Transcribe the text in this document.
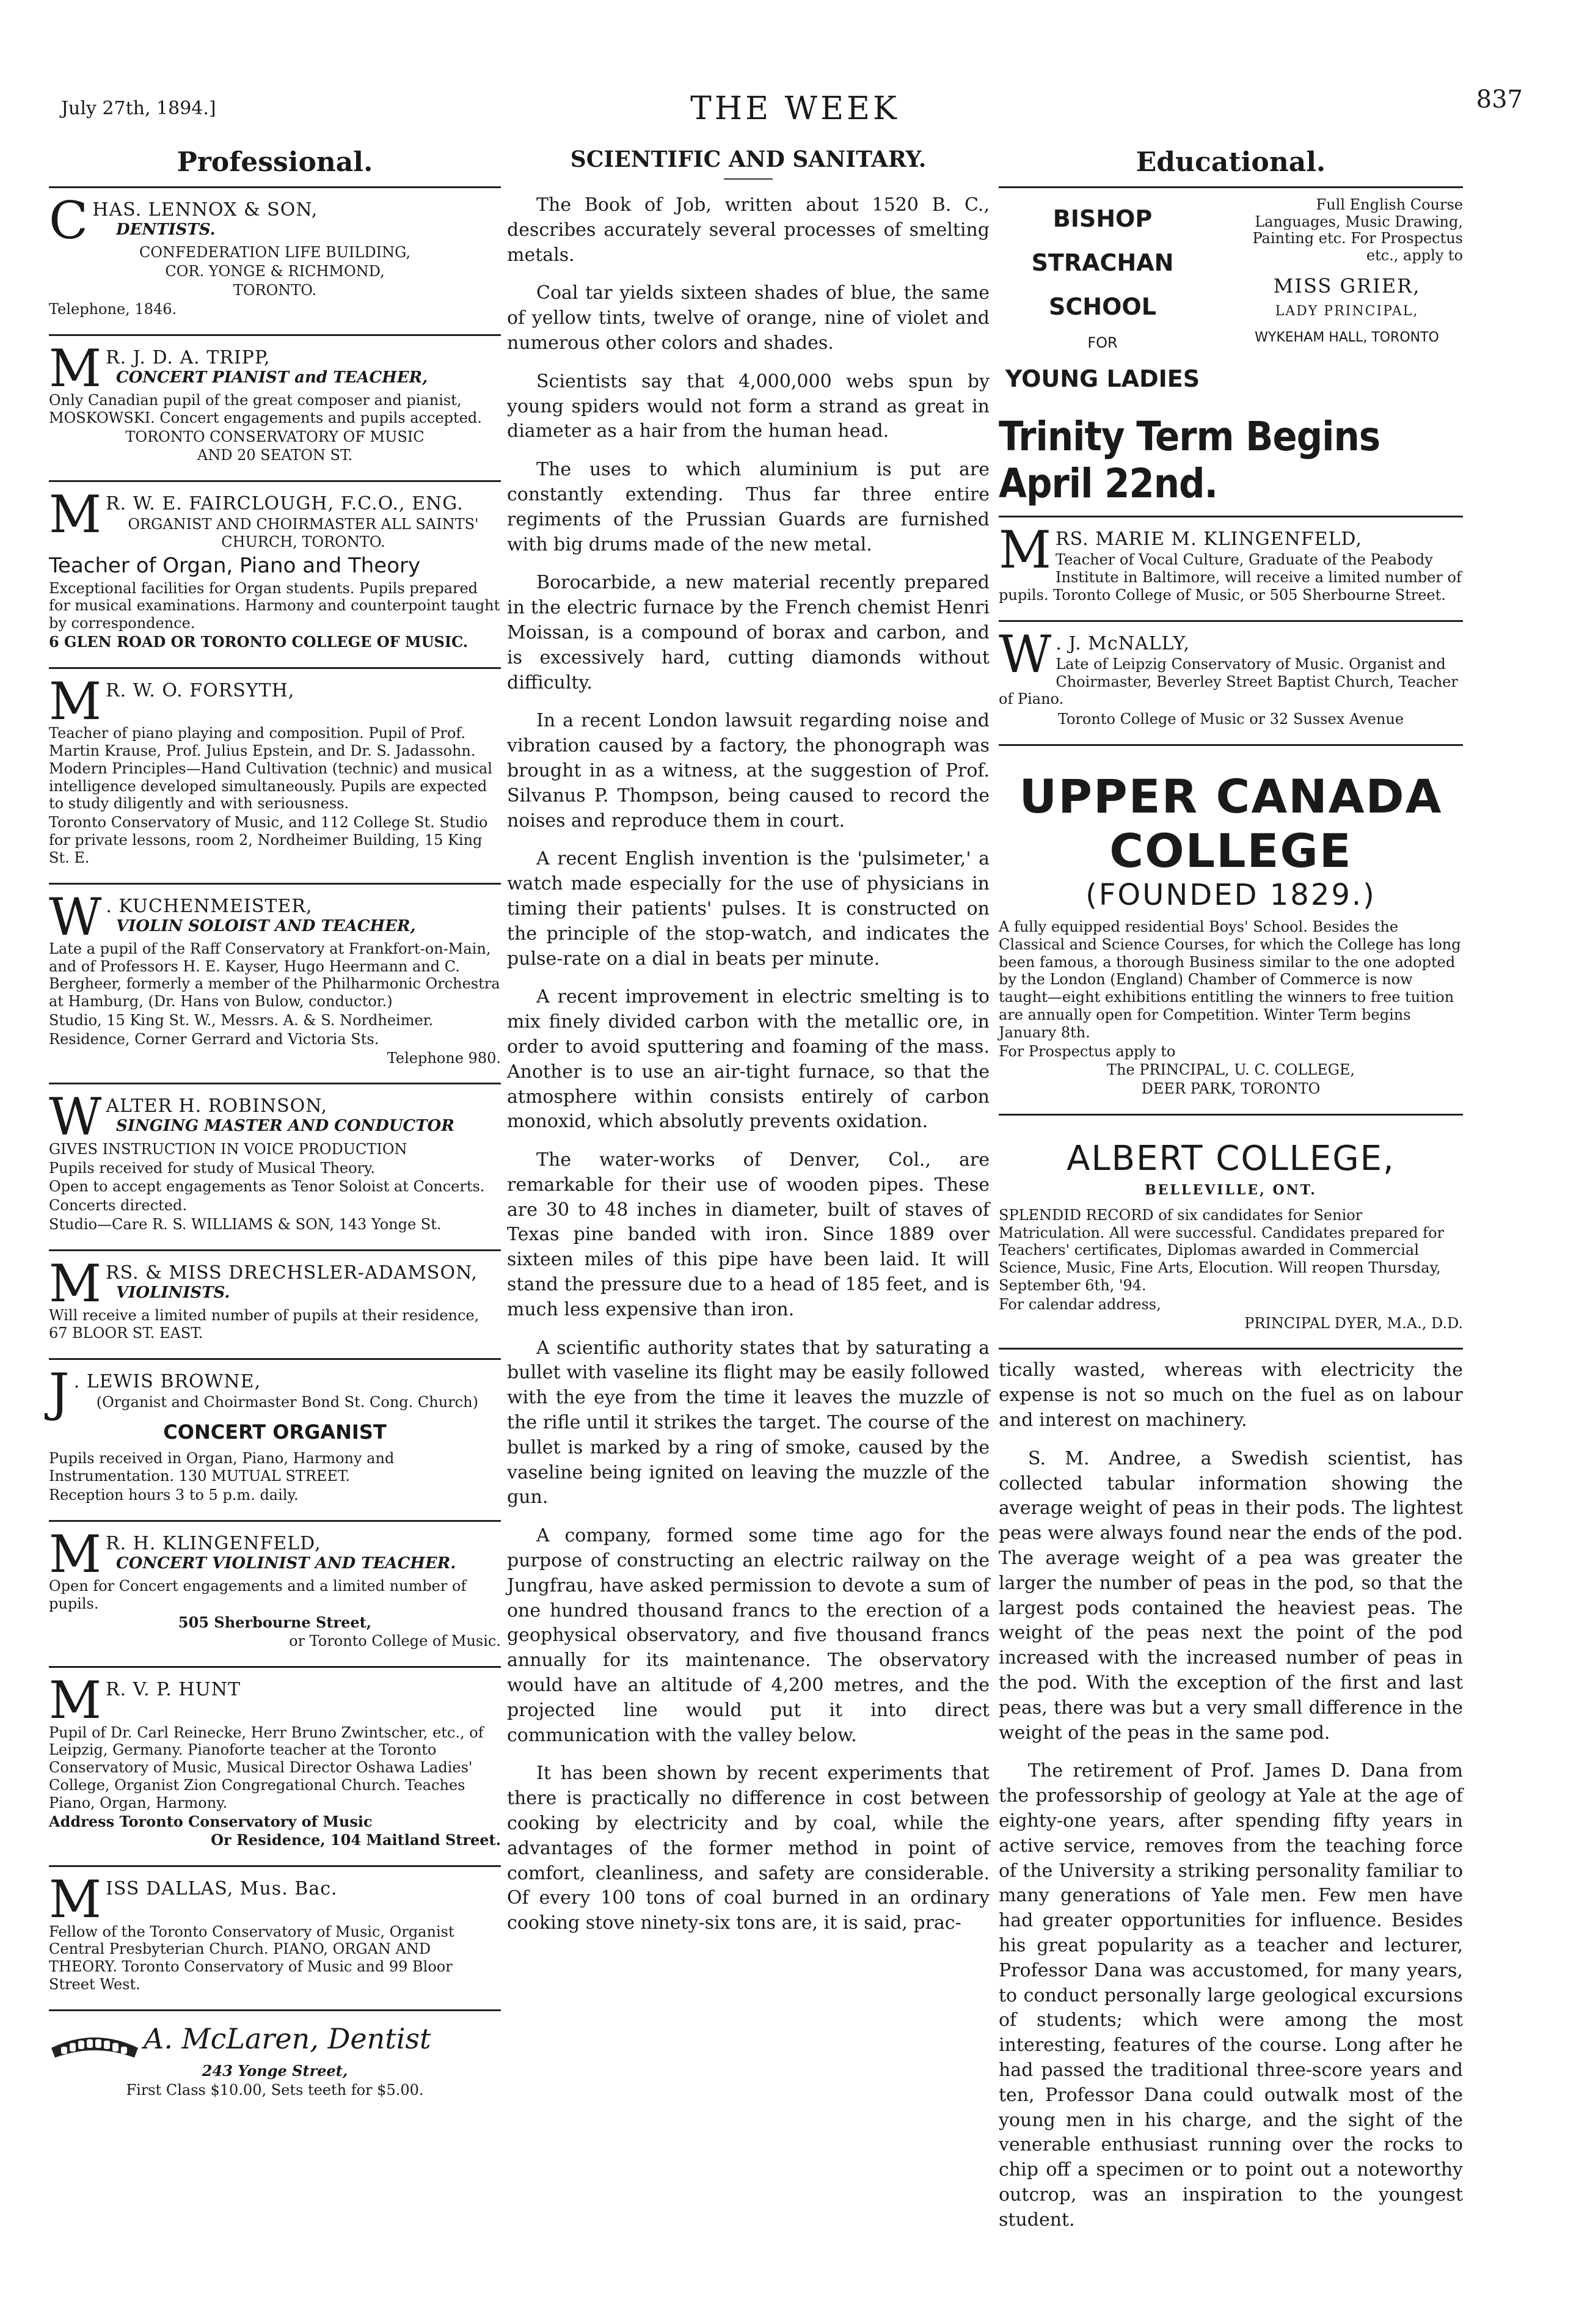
July 27th, 1894.]	THE WEEK	837
Professional.
CHAS. LENNOX & SON,
DENTISTS.
CONFEDERATION LIFE BUILDING,
COR. YONGE & RICHMOND,
TORONTO.
Telephone, 1846.
M R. J. D. A. TRIPP,
CONCERT PIANIST and TEACHER,
Only Canadian pupil of the great composer and pianist, MOSKOWSKI. Concert engagements and pupils accepted.
TORONTO CONSERVATORY OF MUSIC
AND 20 SEATON ST.
M R. W. E. FAIRCLOUGH, F.C.O., ENG.
ORGANIST AND CHOIRMASTER ALL SAINTS' CHURCH, TORONTO.
Teacher of Organ, Piano and Theory
Exceptional facilities for Organ students. Pupils prepared for musical examinations. Harmony and counterpoint taught by correspondence.
6 GLEN ROAD OR TORONTO COLLEGE OF MUSIC.
M R. W. O. FORSYTH,
Teacher of piano playing and composition. Pupil of Prof. Martin Krause, Prof. Julius Epstein, and Dr. S. Jadassohn. Modern Principles—Hand Cultivation (technic) and musical intelligence developed simultaneously. Pupils are expected to study diligently and with seriousness.
Toronto Conservatory of Music, and 112 College St. Studio for private lessons, room 2, Nordheimer Building, 15 King St. E.
W . KUCHENMEISTER,
VIOLIN SOLOIST AND TEACHER,
Late a pupil of the Raff Conservatory at Frankfort-on-Main, and of Professors H. E. Kayser, Hugo Heermann and C. Bergheer, formerly a member of the Philharmonic Orchestra at Hamburg, (Dr. Hans von Bulow, conductor.)
Studio, 15 King St. W., Messrs. A. & S. Nordheimer.
Residence, Corner Gerrard and Victoria Sts.
Telephone 980.
WALTER H. ROBINSON,
SINGING MASTER AND CONDUCTOR
GIVES INSTRUCTION IN VOICE PRODUCTION
Pupils received for study of Musical Theory.
Open to accept engagements as Tenor Soloist at Concerts.
Concerts directed.
Studio—Care R. S. WILLIAMS & SON, 143 Yonge St.
MRS. & MISS DRECHSLER-ADAMSON,
VIOLINISTS.
Will receive a limited number of pupils at their residence, 67 BLOOR ST. EAST.
J . LEWIS BROWNE,
(Organist and Choirmaster Bond St. Cong. Church)
CONCERT ORGANIST
Pupils received in Organ, Piano, Harmony and Instrumentation. 130 MUTUAL STREET.
Reception hours 3 to 5 p.m. daily.
M R. H. KLINGENFELD,
CONCERT VIOLINIST AND TEACHER.
Open for Concert engagements and a limited number of pupils.
505 Sherbourne Street,
or Toronto College of Music.
M R. V. P. HUNT
Pupil of Dr. Carl Reinecke, Herr Bruno Zwintscher, etc., of Leipzig, Germany. Pianoforte teacher at the Toronto Conservatory of Music, Musical Director Oshawa Ladies' College, Organist Zion Congregational Church. Teaches Piano, Organ, Harmony.
Address Toronto Conservatory of Music
Or Residence, 104 Maitland Street.
MISS DALLAS, Mus. Bac.
Fellow of the Toronto Conservatory of Music, Organist Central Presbyterian Church. PIANO, ORGAN AND THEORY. Toronto Conservatory of Music and 99 Bloor Street West.
A. McLaren, Dentist
243 Yonge Street,
First Class $10.00, Sets teeth for $5.00.
SCIENTIFIC AND SANITARY.

The Book of Job, written about 1520 B. C., describes accurately several processes of smelting metals.

Coal tar yields sixteen shades of blue, the same of yellow tints, twelve of orange, nine of violet and numerous other colors and shades.

Scientists say that 4,000,000 webs spun by young spiders would not form a strand as great in diameter as a hair from the human head.

The uses to which aluminium is put are constantly extending. Thus far three entire regiments of the Prussian Guards are furnished with big drums made of the new metal.

Borocarbide, a new material recently prepared in the electric furnace by the French chemist Henri Moissan, is a compound of borax and carbon, and is excessively hard, cutting diamonds without difficulty.

In a recent London lawsuit regarding noise and vibration caused by a factory, the phonograph was brought in as a witness, at the suggestion of Prof. Silvanus P. Thompson, being caused to record the noises and reproduce them in court.

A recent English invention is the 'pulsimeter,' a watch made especially for the use of physicians in timing their patients' pulses. It is constructed on the principle of the stop-watch, and indicates the pulse-rate on a dial in beats per minute.

A recent improvement in electric smelting is to mix finely divided carbon with the metallic ore, in order to avoid sputtering and foaming of the mass. Another is to use an air-tight furnace, so that the atmosphere within consists entirely of carbon monoxid, which absolutly prevents oxidation.

The water-works of Denver, Col., are remarkable for their use of wooden pipes. These are 30 to 48 inches in diameter, built of staves of Texas pine banded with iron. Since 1889 over sixteen miles of this pipe have been laid. It will stand the pressure due to a head of 185 feet, and is much less expensive than iron.

A scientific authority states that by saturating a bullet with vaseline its flight may be easily followed with the eye from the time it leaves the muzzle of the rifle until it strikes the target. The course of the bullet is marked by a ring of smoke, caused by the vaseline being ignited on leaving the muzzle of the gun.

A company, formed some time ago for the purpose of constructing an electric railway on the Jungfrau, have asked permission to devote a sum of one hundred thousand francs to the erection of a geophysical observatory, and five thousand francs annually for its maintenance. The observatory would have an altitude of 4,200 metres, and the projected line would put it into direct communication with the valley below.

It has been shown by recent experiments that there is practically no difference in cost between cooking by electricity and by coal, while the advantages of the former method in point of comfort, cleanliness, and safety are considerable. Of every 100 tons of coal burned in an ordinary cooking stove ninety-six tons are, it is said, prac-

Educational.
BISHOP
STRACHAN
SCHOOL
FOR
YOUNG LADIES
Full English Course Languages, Music Drawing, Painting etc. For Prospectus etc., apply to
MISS GRIER,
LADY PRINCIPAL,
WYKEHAM HALL, TORONTO
Trinity Term Begins April 22nd.
MRS. MARIE M. KLINGENFELD,
Teacher of Vocal Culture, Graduate of the Peabody Institute in Baltimore, will receive a limited number of pupils. Toronto College of Music, or 505 Sherbourne Street.
W . J. McNALLY,
Late of Leipzig Conservatory of Music. Organist and Choirmaster, Beverley Street Baptist Church, Teacher of Piano.
Toronto College of Music or 32 Sussex Avenue
UPPER CANADA COLLEGE
(FOUNDED 1829.)
A fully equipped residential Boys' School. Besides the Classical and Science Courses, for which the College has long been famous, a thorough Business similar to the one adopted by the London (England) Chamber of Commerce is now taught—eight exhibitions entitling the winners to free tuition are annually open for Competition. Winter Term begins January 8th.
For Prospectus apply to
The PRINCIPAL, U. C. COLLEGE,
DEER PARK, TORONTO
ALBERT COLLEGE,
BELLEVILLE, ONT.
SPLENDID RECORD of six candidates for Senior Matriculation. All were successful. Candidates prepared for Teachers' certificates, Diplomas awarded in Commercial Science, Music, Fine Arts, Elocution. Will reopen Thursday, September 6th, '94.
For calendar address,
PRINCIPAL DYER, M.A., D.D.

tically wasted, whereas with electricity the expense is not so much on the fuel as on labour and interest on machinery.

S. M. Andree, a Swedish scientist, has collected tabular information showing the average weight of peas in their pods. The lightest peas were always found near the ends of the pod. The average weight of a pea was greater the larger the number of peas in the pod, so that the largest pods contained the heaviest peas. The weight of the peas next the point of the pod increased with the increased number of peas in the pod. With the exception of the first and last peas, there was but a very small difference in the weight of the peas in the same pod.

The retirement of Prof. James D. Dana from the professorship of geology at Yale at the age of eighty-one years, after spending fifty years in active service, removes from the teaching force of the University a striking personality familiar to many generations of Yale men. Few men have had greater opportunities for influence. Besides his great popularity as a teacher and lecturer, Professor Dana was accustomed, for many years, to conduct personally large geological excursions of students; which were among the most interesting, features of the course. Long after he had passed the traditional three-score years and ten, Professor Dana could outwalk most of the young men in his charge, and the sight of the venerable enthusiast running over the rocks to chip off a specimen or to point out a noteworthy outcrop, was an inspiration to the youngest student.
